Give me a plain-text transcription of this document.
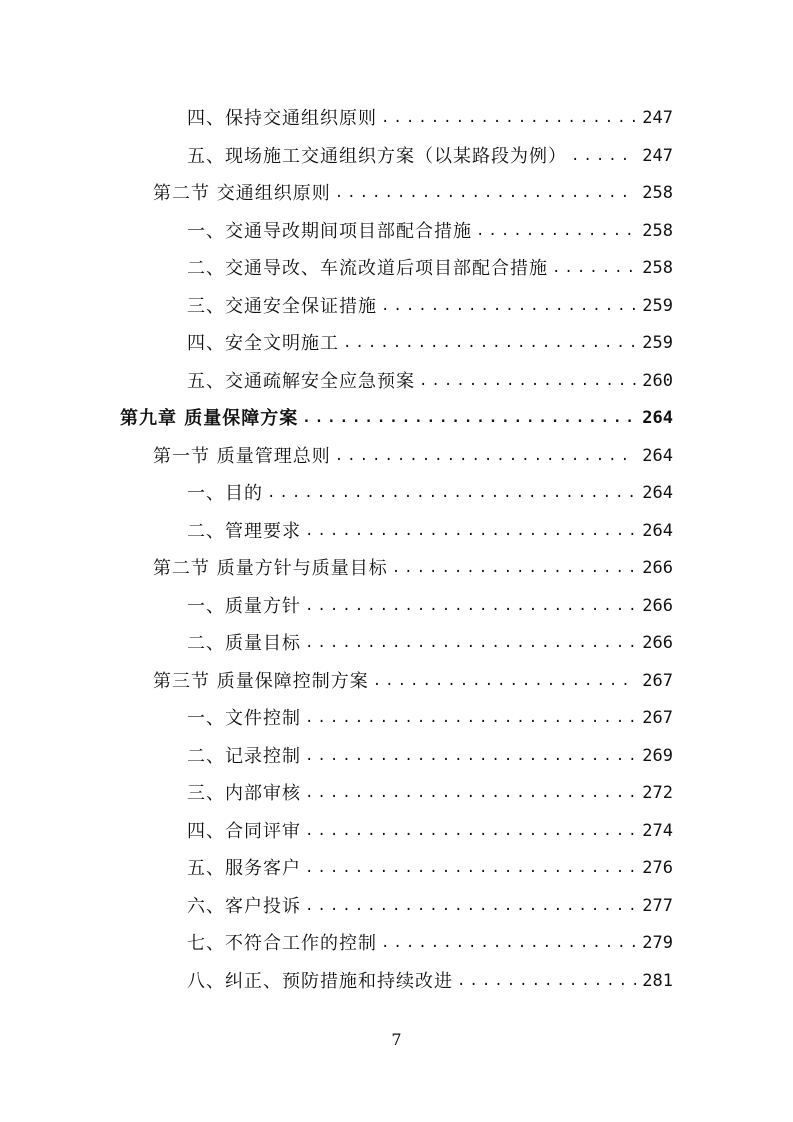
四、保持交通组织原则 .....	247
五、现场施工交通组织方案（以某路段为例） .....	247
第二节 交通组织原则 .....	258
一、交通导改期间项目部配合措施 .....	258
二、交通导改、车流改道后项目部配合措施 .....	258
三、交通安全保证措施 .....	259
四、安全文明施工 .....	259
五、交通疏解安全应急预案 .....	260
第九章 质量保障方案 .....	264
第一节 质量管理总则 .....	264
一、目的 .....	264
二、管理要求 .....	264
第二节 质量方针与质量目标 .....	266
一、质量方针 .....	266
二、质量目标 .....	266
第三节 质量保障控制方案 .....	267
一、文件控制 .....	267
二、记录控制 .....	269
三、内部审核 .....	272
四、合同评审 .....	274
五、服务客户 .....	276
六、客户投诉 .....	277
七、不符合工作的控制 .....	279
八、纠正、预防措施和持续改进 .....	281
7
